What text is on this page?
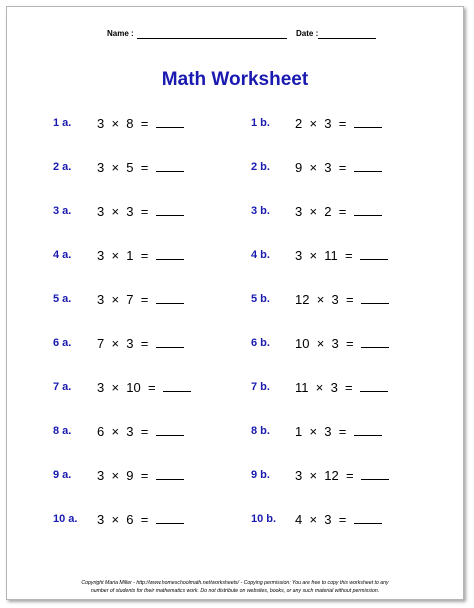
Name :	Date :
Math Worksheet
1 a. 3 × 8 =
2 a. 3 × 5 =
3 a. 3 × 3 =
4 a. 3 × 1 =
5 a. 3 × 7 =
6 a. 7 × 3 =
7 a. 3 × 10 =
8 a. 6 × 3 =
9 a. 3 × 9 =
10 a. 3 × 6 =
1 b. 2 × 3 =
2 b. 9 × 3 =
3 b. 3 × 2 =
4 b. 3 × 11 =
5 b. 12 × 3 =
6 b. 10 × 3 =
7 b. 11 × 3 =
8 b. 1 × 3 =
9 b. 3 × 12 =
10 b. 4 × 3 =
Copyright Maria Miller - http://www.homeschoolmath.net/worksheets/ - Copying permission: You are free to copy this worksheet to any
number of students for their mathematics work. Do not distribute on websites, books, or any such material without permission.
